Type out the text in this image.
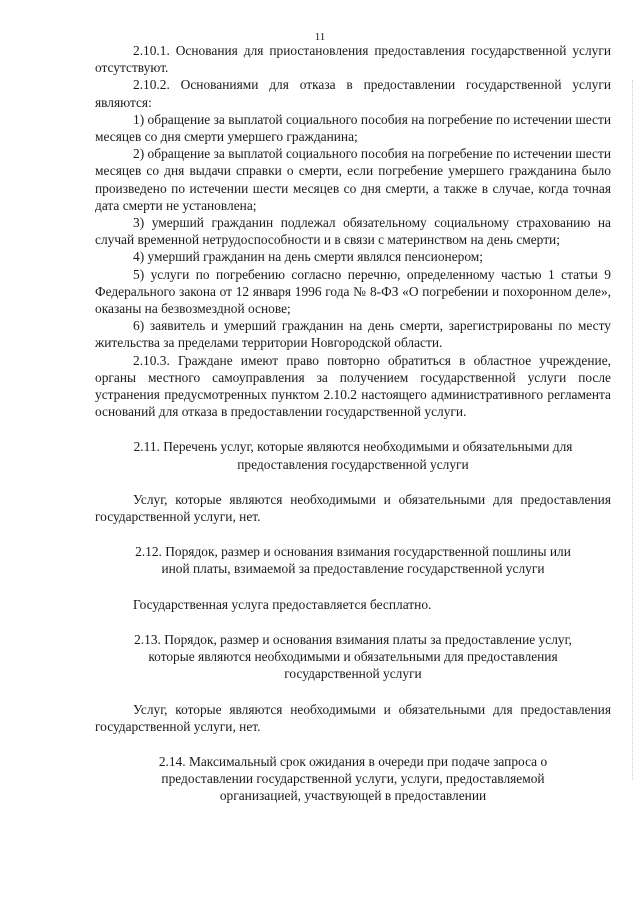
11

2.10.1. Основания для приостановления предоставления государственной услуги отсутствуют.

2.10.2. Основаниями для отказа в предоставлении государственной услуги являются:

1) обращение за выплатой социального пособия на погребение по истечении шести месяцев со дня смерти умершего гражданина;

2) обращение за выплатой социального пособия на погребение по истечении шести месяцев со дня выдачи справки о смерти, если погребение умершего гражданина было произведено по истечении шести месяцев со дня смерти, а также в случае, когда точная дата смерти не установлена;

3) умерший гражданин подлежал обязательному социальному страхованию на случай временной нетрудоспособности и в связи с материнством на день смерти;

4) умерший гражданин на день смерти являлся пенсионером;

5) услуги по погребению согласно перечню, определенному частью 1 статьи 9 Федерального закона от 12 января 1996 года № 8-ФЗ «О погребении и похоронном деле», оказаны на безвозмездной основе;

6) заявитель и умерший гражданин на день смерти, зарегистрированы по месту жительства за пределами территории Новгородской области.

2.10.3. Граждане имеют право повторно обратиться в областное учреждение, органы местного самоуправления за получением государственной услуги после устранения предусмотренных пунктом 2.10.2 настоящего административного регламента оснований для отказа в предоставлении государственной услуги.

2.11. Перечень услуг, которые являются необходимыми и обязательными для предоставления государственной услуги

Услуг, которые являются необходимыми и обязательными для предоставления государственной услуги, нет.

2.12. Порядок, размер и основания взимания государственной пошлины или иной платы, взимаемой за предоставление государственной услуги

Государственная услуга предоставляется бесплатно.

2.13. Порядок, размер и основания взимания платы за предоставление услуг, которые являются необходимыми и обязательными для предоставления государственной услуги

Услуг, которые являются необходимыми и обязательными для предоставления государственной услуги, нет.

2.14. Максимальный срок ожидания в очереди при подаче запроса о предоставлении государственной услуги, услуги, предоставляемой организацией, участвующей в предоставлении
